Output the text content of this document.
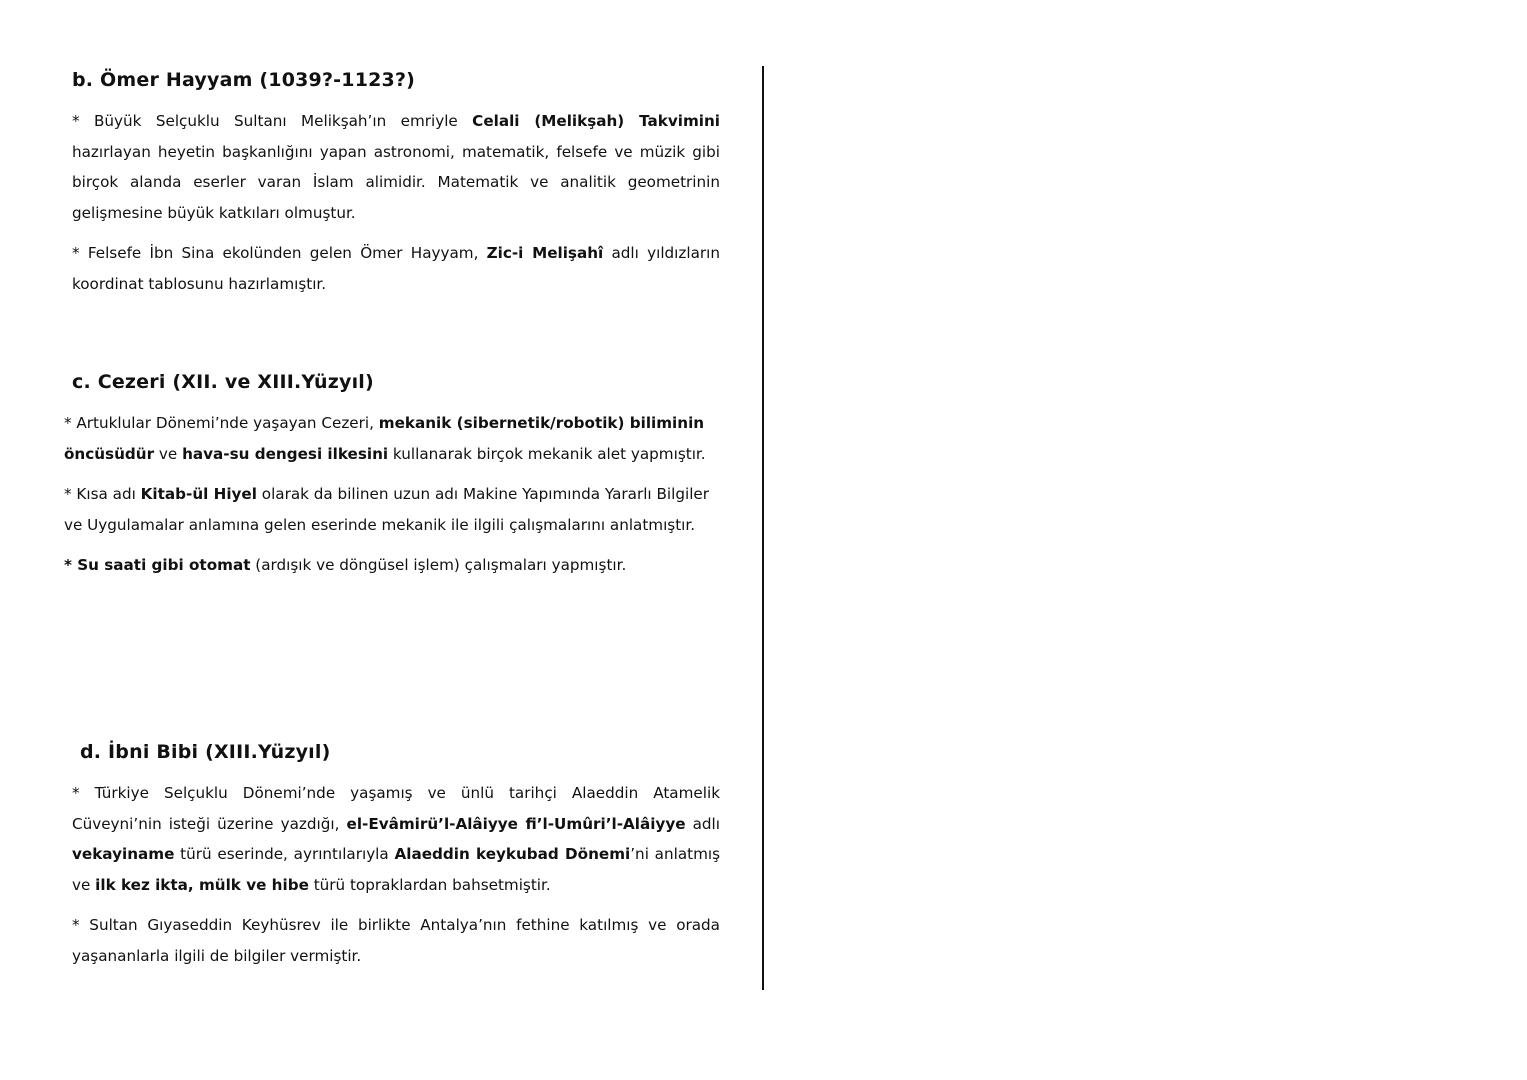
b. Ömer Hayyam (1039?-1123?)

* Büyük Selçuklu Sultanı Melikşah’ın emriyle Celali (Melikşah) Takvimini hazırlayan heyetin başkanlığını yapan astronomi, matematik, felsefe ve müzik gibi birçok alanda eserler varan İslam alimidir. Matematik ve analitik geometrinin gelişmesine büyük katkıları olmuştur.

* Felsefe İbn Sina ekolünden gelen Ömer Hayyam, Zic-i Melişahî adlı yıldızların koordinat tablosunu hazırlamıştır.

c. Cezeri (XII. ve XIII.Yüzyıl)

* Artuklular Dönemi’nde yaşayan Cezeri, mekanik (sibernetik/robotik) biliminin öncüsüdür ve hava-su dengesi ilkesini kullanarak birçok mekanik alet yapmıştır.

* Kısa adı Kitab-ül Hiyel olarak da bilinen uzun adı Makine Yapımında Yararlı Bilgiler ve Uygulamalar anlamına gelen eserinde mekanik ile ilgili çalışmalarını anlatmıştır.

* Su saati gibi otomat (ardışık ve döngüsel işlem) çalışmaları yapmıştır.

d. İbni Bibi (XIII.Yüzyıl)

* Türkiye Selçuklu Dönemi’nde yaşamış ve ünlü tarihçi Alaeddin Atamelik Cüveyni’nin isteği üzerine yazdığı, el-Evâmirü’l-Alâiyye fi’l-Umûri’l-Alâiyye adlı vekayiname türü eserinde, ayrıntılarıyla Alaeddin keykubad Dönemi’ni anlatmış ve ilk kez ikta, mülk ve hibe türü topraklardan bahsetmiştir.

* Sultan Gıyaseddin Keyhüsrev ile birlikte Antalya’nın fethine katılmış ve orada yaşananlarla ilgili de bilgiler vermiştir.
